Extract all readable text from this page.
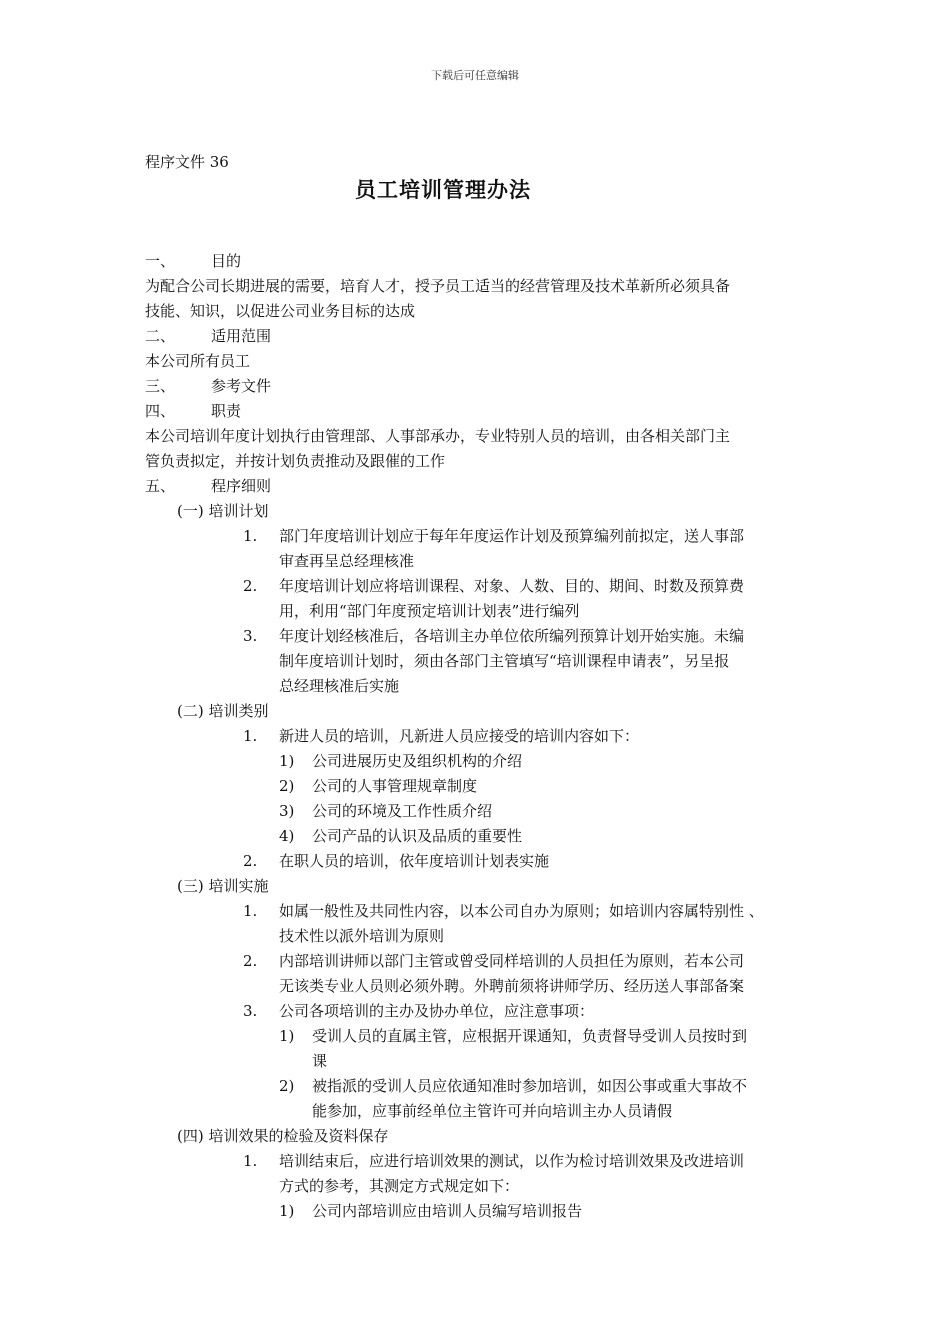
下载后可任意编辑
程序文件 36
员工培训管理办法
一、	目的
为配合公司长期进展的需要，培育人才，授予员工适当的经营管理及技术革新所必须具备
技能、知识，以促进公司业务目标的达成
二、	适用范围
本公司所有员工
三、	参考文件
四、	职责
本公司培训年度计划执行由管理部、人事部承办，专业特别人员的培训，由各相关部门主
管负责拟定，并按计划负责推动及跟催的工作
五、	程序细则
(一) 培训计划
1.	部门年度培训计划应于每年年度运作计划及预算编列前拟定，送人事部
审查再呈总经理核准
2.	年度培训计划应将培训课程、对象、人数、目的、期间、时数及预算费
用，利用“部门年度预定培训计划表”进行编列
3.	年度计划经核准后，各培训主办单位依所编列预算计划开始实施。未编
制年度培训计划时，须由各部门主管填写“培训课程申请表”，另呈报
总经理核准后实施
(二) 培训类别
1.	新进人员的培训，凡新进人员应接受的培训内容如下：
1)	公司进展历史及组织机构的介绍
2)	公司的人事管理规章制度
3)	公司的环境及工作性质介绍
4)	公司产品的认识及品质的重要性
2.	在职人员的培训，依年度培训计划表实施
(三) 培训实施
1.	如属一般性及共同性内容，以本公司自办为原则；如培训内容属特别性 、
技术性以派外培训为原则
2.	内部培训讲师以部门主管或曾受同样培训的人员担任为原则，若本公司
无该类专业人员则必须外聘。外聘前须将讲师学历、经历送人事部备案
3.	公司各项培训的主办及协办单位，应注意事项：
1)	受训人员的直属主管，应根据开课通知，负责督导受训人员按时到
课
2)	被指派的受训人员应依通知准时参加培训，如因公事或重大事故不
能参加，应事前经单位主管许可并向培训主办人员请假
(四) 培训效果的检验及资料保存
1.	培训结束后，应进行培训效果的测试，以作为检讨培训效果及改进培训
方式的参考，其测定方式规定如下：
1)	公司内部培训应由培训人员编写培训报告
